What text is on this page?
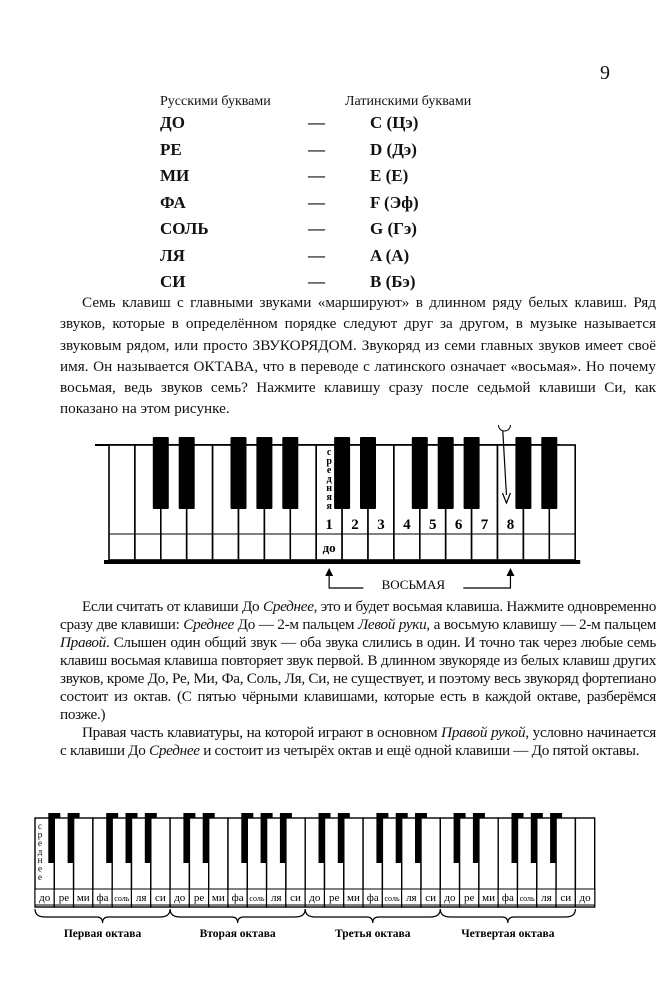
9
Русскими буквами	Латинскими буквами
ДО	—	C (Цэ)
РЕ	—	D (Дэ)
МИ	—	E (E)
ФА	—	F (Эф)
СОЛЬ	—	G (Гэ)
ЛЯ	—	A (A)
СИ	—	B (Бэ)

Семь клавиш с главными звуками «маршируют» в длинном ряду белых клавиш. Ряд звуков, которые в определённом порядке следуют друг за другом, в музыке называется звуковым рядом, или просто ЗВУКОРЯДОМ. Звукоряд из семи главных звуков имеет своё имя. Он называется ОКТАВА, что в переводе с латинского означает «восьмая». Но почему восьмая, ведь звуков семь? Нажмите клавишу сразу после седьмой клавиши Си, как показано на этом рисунке.

с
р
е
д
н
я
я
1 2 3 4 5 6 7 8
до
ВОСЬМАЯ

Если считать от клавиши До Среднее, это и будет восьмая клавиша. Нажмите одновременно сразу две клавиши: Среднее До — 2-м пальцем Левой руки, а восьмую клавишу — 2-м пальцем Правой. Слышен один общий звук — оба звука слились в один. И точно так через любые семь клавиш восьмая клавиша повторяет звук первой. В длинном звукоряде из белых клавиш других звуков, кроме До, Ре, Ми, Фа, Соль, Ля, Си, не существует, и поэтому весь звукоряд фортепиано состоит из октав. (С пятью чёрными клавишами, которые есть в каждой октаве, разберёмся позже.)

Правая часть клавиатуры, на которой играют в основном Правой рукой, условно начинается с клавиши До Среднее и состоит из четырёх октав и ещё одной клавиши — До пятой октавы.

до ре ми фа соль ля си до ре ми фа соль ля си до ре ми фа соль ля си до ре ми фа соль ля си до
с
р
е
д
н
е
е
Первая октава	Вторая октава	Третья октава	Четвертая октава
